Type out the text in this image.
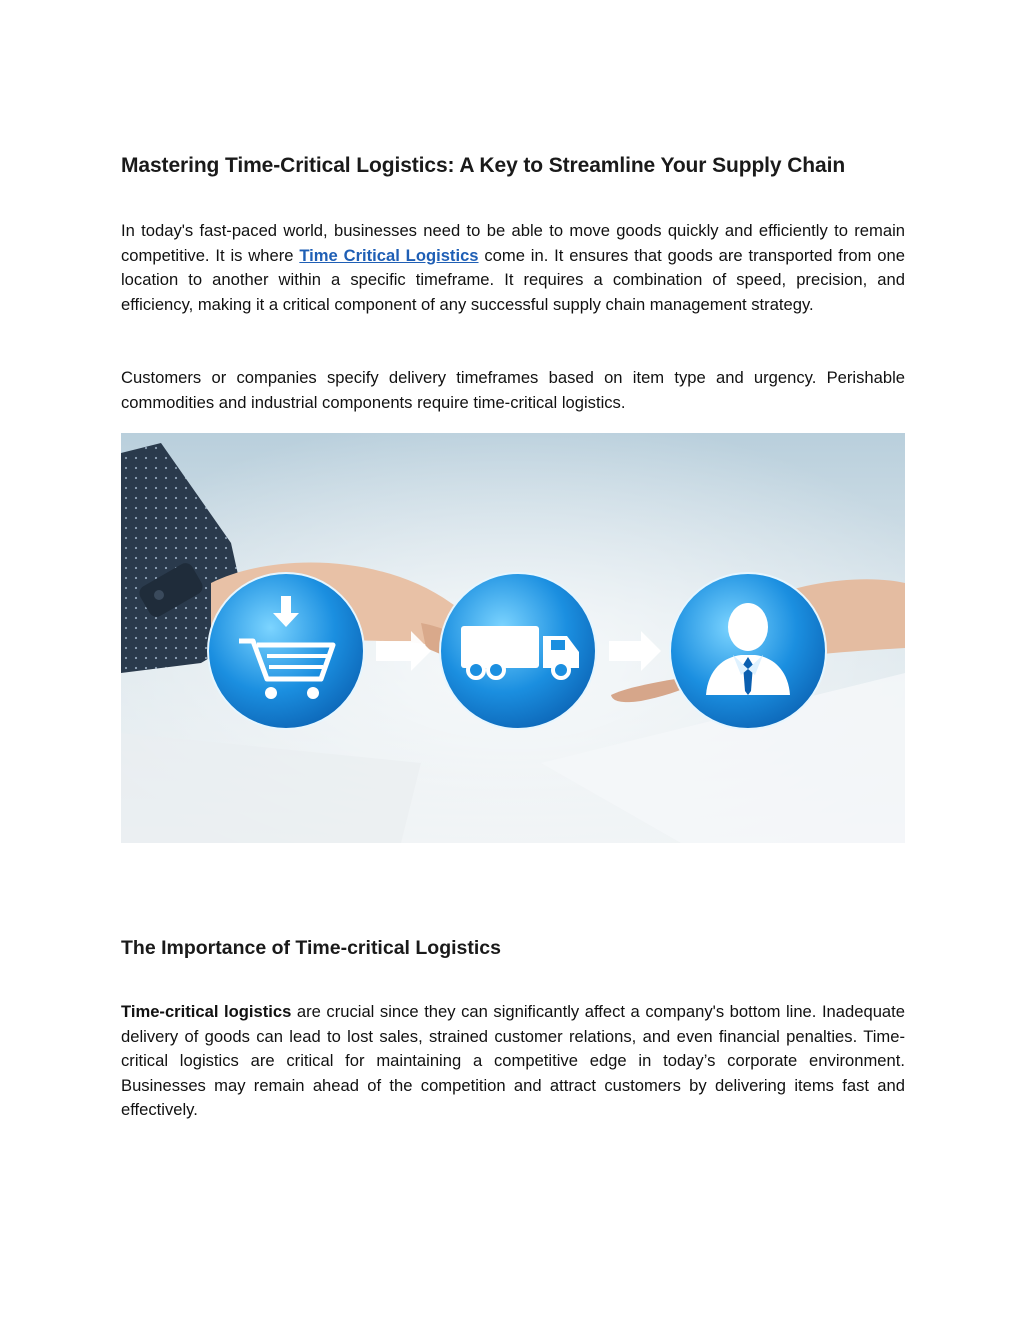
Mastering Time-Critical Logistics: A Key to Streamline Your Supply Chain

In today's fast-paced world, businesses need to be able to move goods quickly and efficiently to remain competitive. It is where Time Critical Logistics come in. It ensures that goods are transported from one location to another within a specific timeframe. It requires a combination of speed, precision, and efficiency, making it a critical component of any successful supply chain management strategy.

Customers or companies specify delivery timeframes based on item type and urgency. Perishable commodities and industrial components require time-critical logistics.

The Importance of Time-critical Logistics

Time-critical logistics are crucial since they can significantly affect a company's bottom line. Inadequate delivery of goods can lead to lost sales, strained customer relations, and even financial penalties. Time-critical logistics are critical for maintaining a competitive edge in today’s corporate environment. Businesses may remain ahead of the competition and attract customers by delivering items fast and effectively.
